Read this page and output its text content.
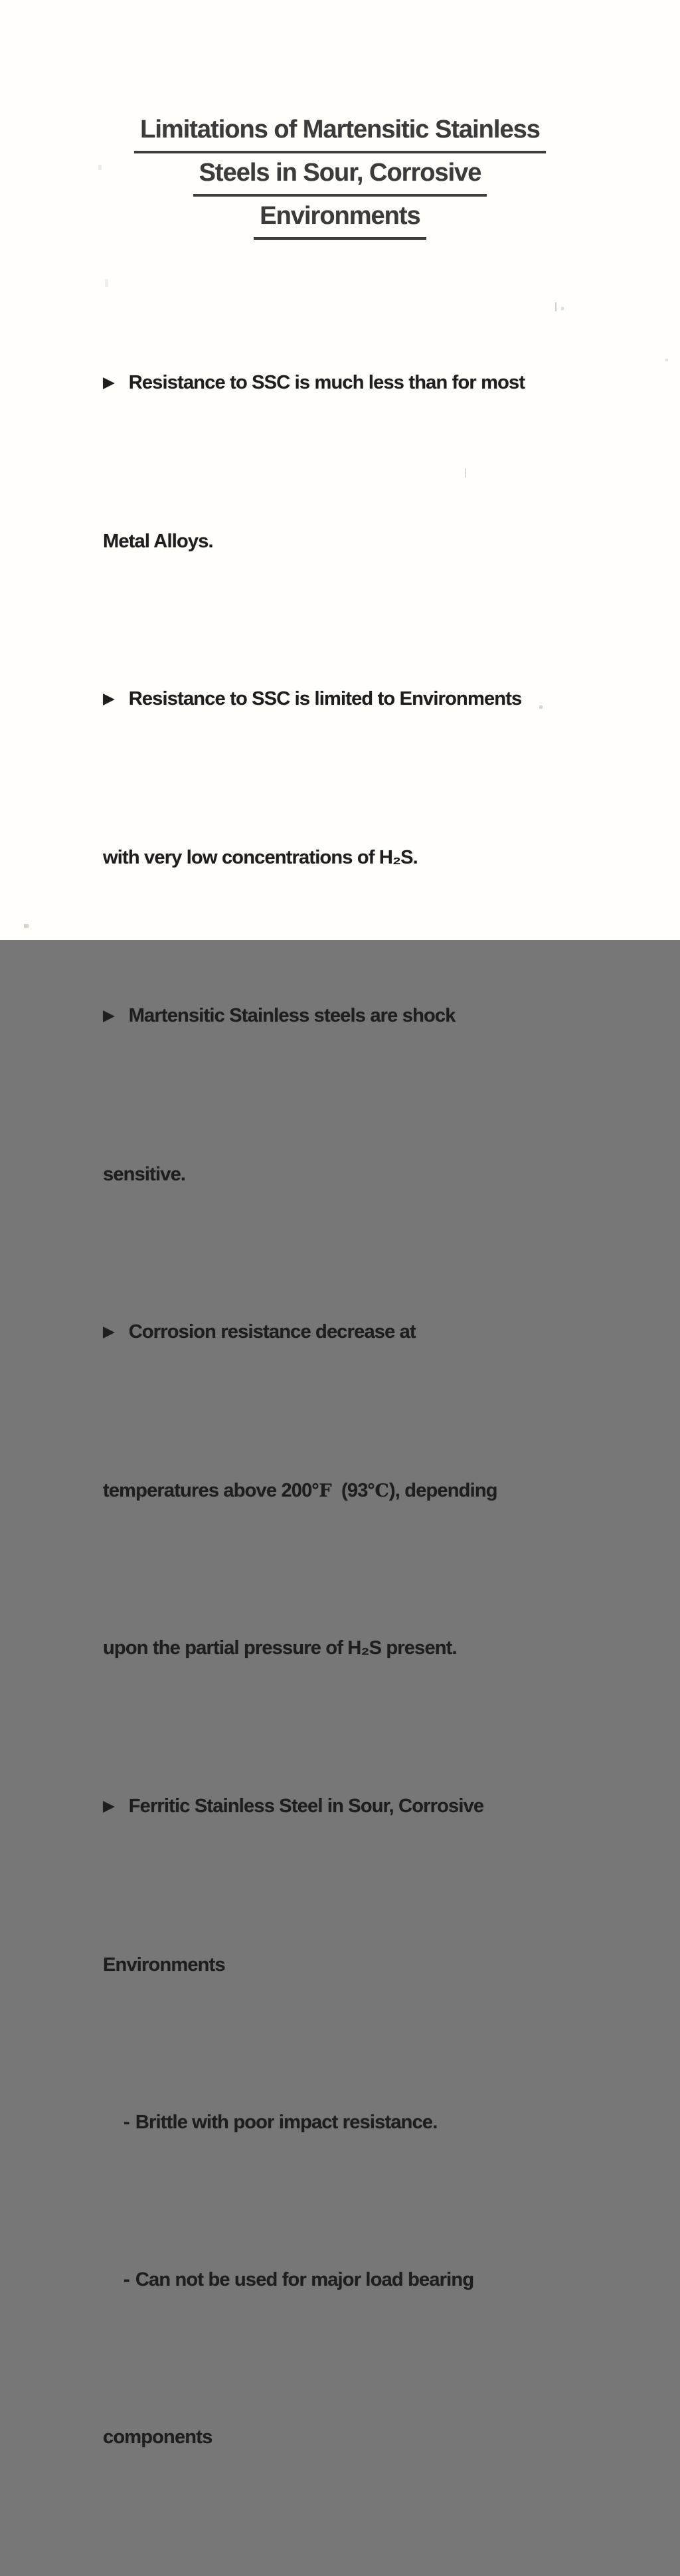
Limitations of Martensitic Stainless
Steels in Sour, Corrosive
Environments

▶ Resistance to SSC is much less than for most

Metal Alloys.

▶ Resistance to SSC is limited to Environments

with very low concentrations of H₂S.

▶ Martensitic Stainless steels are shock

sensitive.

▶ Corrosion resistance decrease at

temperatures above 200℉  (93℃), depending

upon the partial pressure of H₂S present.

▶ Ferritic Stainless Steel in Sour, Corrosive

Environments

- Brittle with poor impact resistance.

- Can not be used for major load bearing

components
